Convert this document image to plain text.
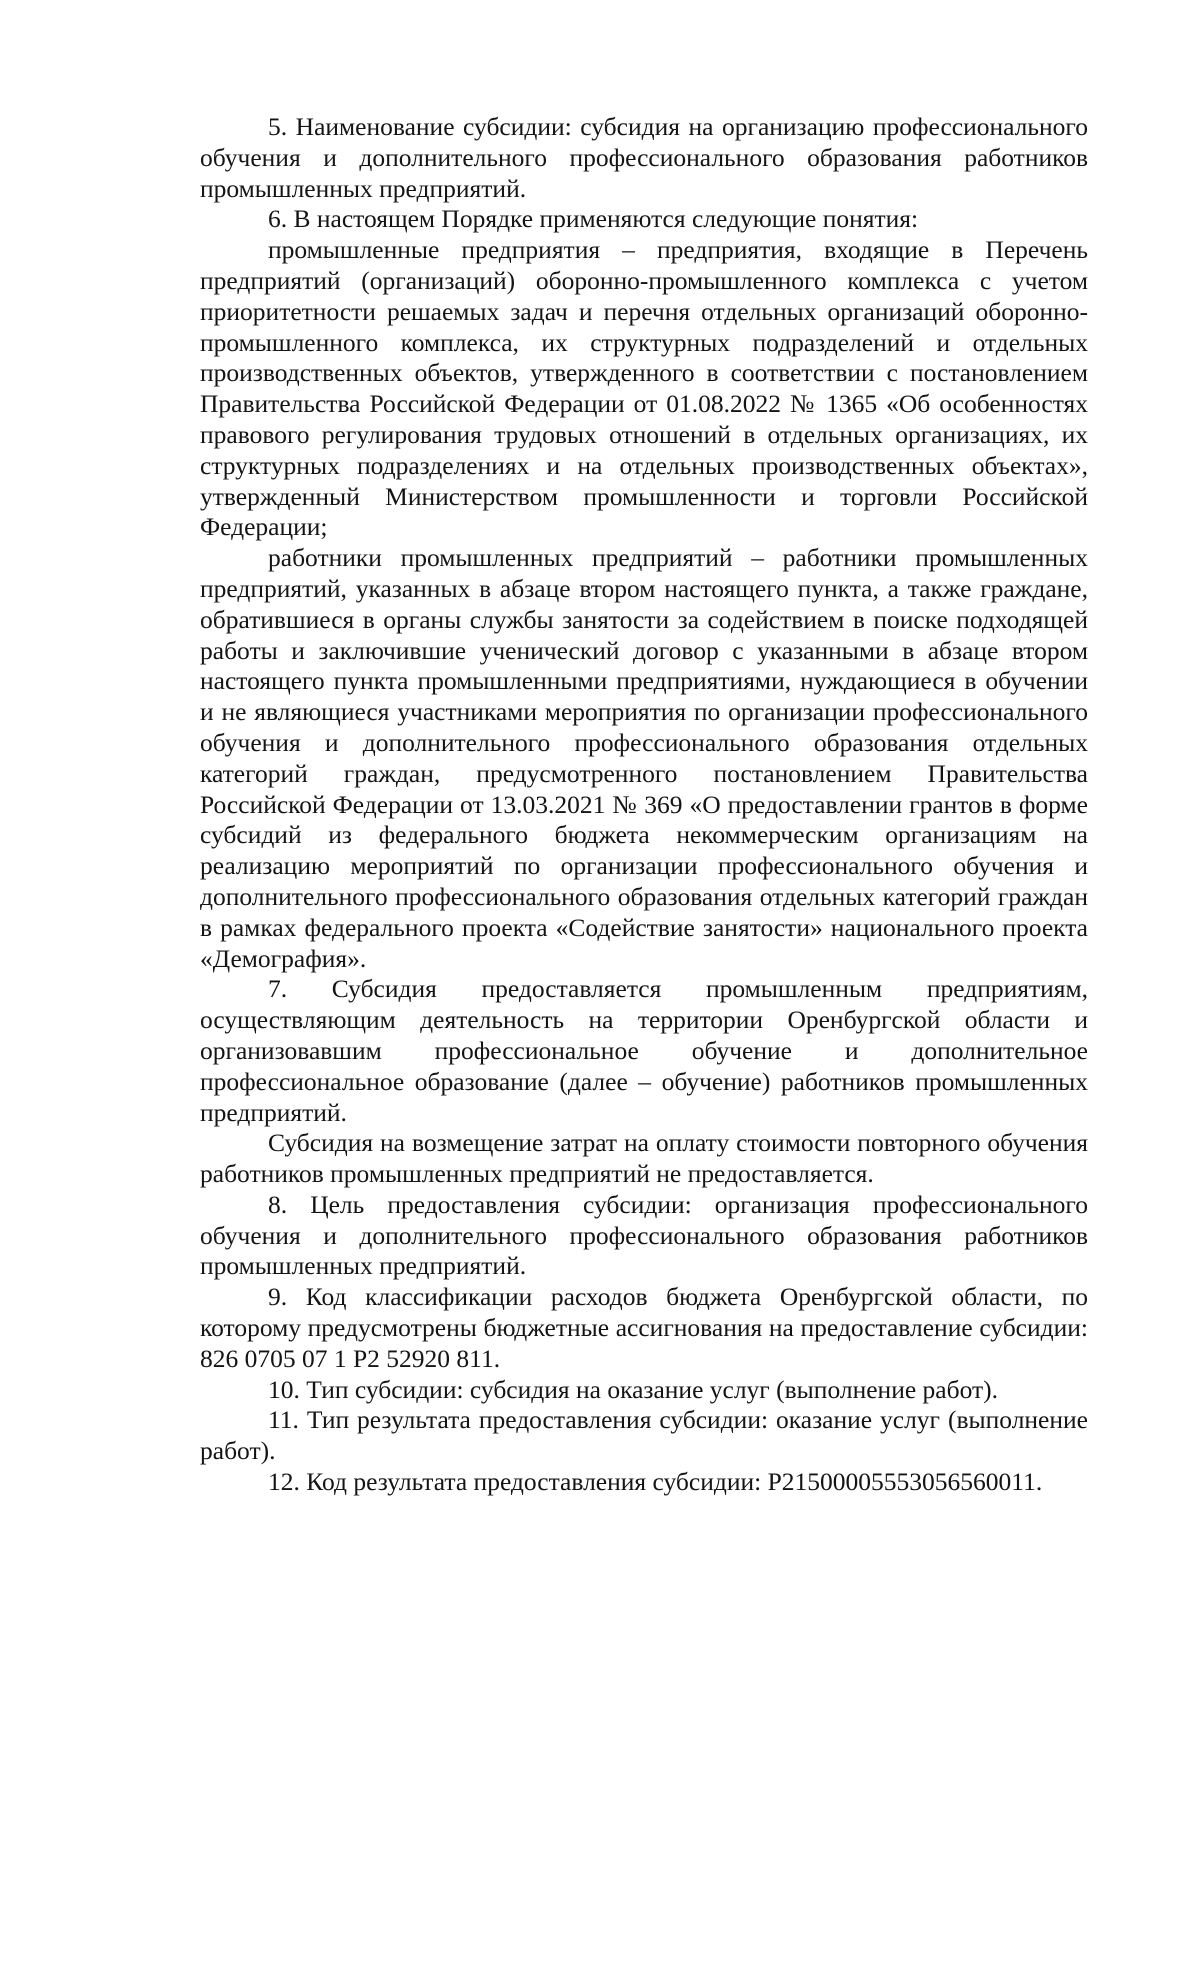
5. Наименование субсидии: субсидия на организацию профессионального обучения и дополнительного профессионального образования работников промышленных предприятий.

6. В настоящем Порядке применяются следующие понятия:

промышленные предприятия – предприятия, входящие в Перечень предприятий (организаций) оборонно-промышленного комплекса с учетом приоритетности решаемых задач и перечня отдельных организаций оборонно-промышленного комплекса, их структурных подразделений и отдельных производственных объектов, утвержденного в соответствии с постановлением Правительства Российской Федерации от 01.08.2022 № 1365 «Об особенностях правового регулирования трудовых отношений в отдельных организациях, их структурных подразделениях и на отдельных производственных объектах», утвержденный Министерством промышленности и торговли Российской Федерации;

работники промышленных предприятий – работники промышленных предприятий, указанных в абзаце втором настоящего пункта, а также граждане, обратившиеся в органы службы занятости за содействием в поиске подходящей работы и заключившие ученический договор с указанными в абзаце втором настоящего пункта промышленными предприятиями, нуждающиеся в обучении и не являющиеся участниками мероприятия по организации профессионального обучения и дополнительного профессионального образования отдельных категорий граждан, предусмотренного постановлением Правительства Российской Федерации от 13.03.2021 № 369 «О предоставлении грантов в форме субсидий из федерального бюджета некоммерческим организациям на реализацию мероприятий по организации профессионального обучения и дополнительного профессионального образования отдельных категорий граждан в рамках федерального проекта «Содействие занятости» национального проекта «Демография».

7. Субсидия предоставляется промышленным предприятиям, осуществляющим деятельность на территории Оренбургской области и организовавшим профессиональное обучение и дополнительное профессиональное образование (далее – обучение) работников промышленных предприятий.

Субсидия на возмещение затрат на оплату стоимости повторного обучения работников промышленных предприятий не предоставляется.

8. Цель предоставления субсидии: организация профессионального обучения и дополнительного профессионального образования работников промышленных предприятий.

9. Код классификации расходов бюджета Оренбургской области, по которому предусмотрены бюджетные ассигнования на предоставление субсидии: 826 0705 07 1 Р2 52920 811.

10. Тип субсидии: субсидия на оказание услуг (выполнение работ).

11. Тип результата предоставления субсидии: оказание услуг (выполнение работ).

12. Код результата предоставления субсидии: Р2150000555305656001​1.
